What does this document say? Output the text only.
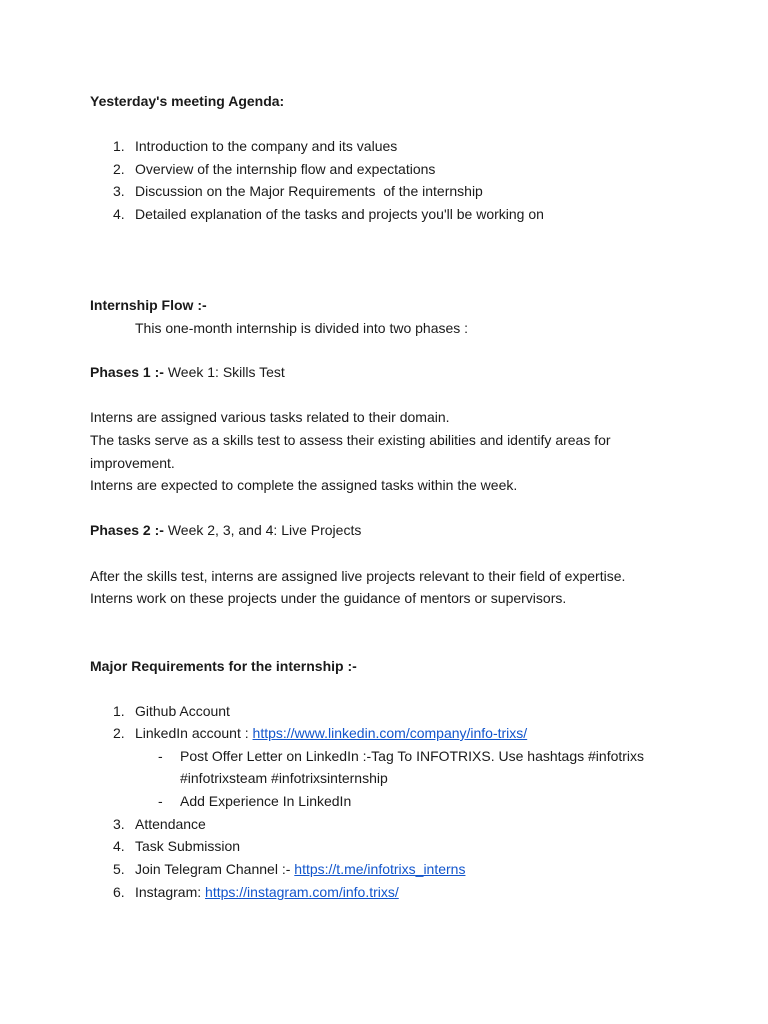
Yesterday's meeting Agenda:
1. Introduction to the company and its values
2. Overview of the internship flow and expectations
3. Discussion on the Major Requirements  of the internship
4. Detailed explanation of the tasks and projects you'll be working on
Internship Flow :-
This one-month internship is divided into two phases :
Phases 1 :- Week 1: Skills Test
Interns are assigned various tasks related to their domain.
The tasks serve as a skills test to assess their existing abilities and identify areas for
improvement.
Interns are expected to complete the assigned tasks within the week.
Phases 2 :- Week 2, 3, and 4: Live Projects
After the skills test, interns are assigned live projects relevant to their field of expertise.
Interns work on these projects under the guidance of mentors or supervisors.
Major Requirements for the internship :-
1. Github Account
2. LinkedIn account : https://www.linkedin.com/company/info-trixs/
- Post Offer Letter on LinkedIn :-Tag To INFOTRIXS. Use hashtags #infotrixs
#infotrixsteam #infotrixsinternship
- Add Experience In LinkedIn
3. Attendance
4. Task Submission
5. Join Telegram Channel :- https://t.me/infotrixs_interns
6. Instagram: https://instagram.com/info.trixs/
